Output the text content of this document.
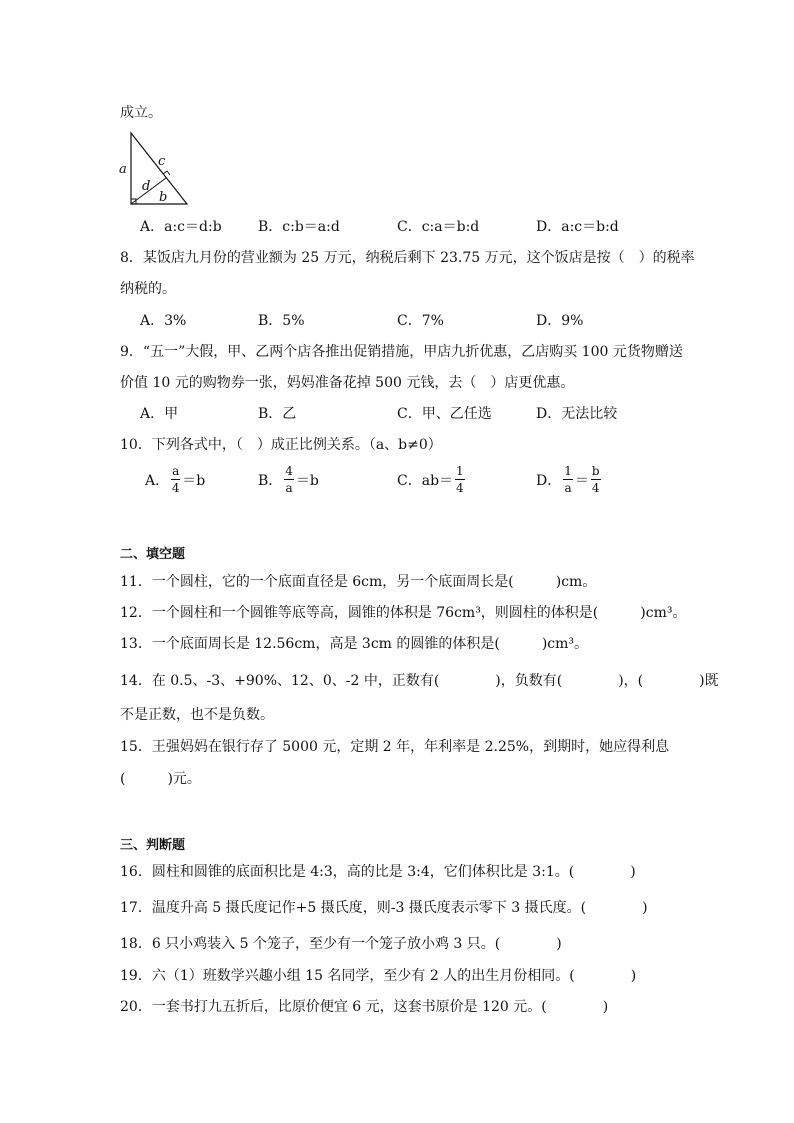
成立。
a
c
d
b
A．a:c＝d:b	B．c:b＝a:d	C．c:a＝b:d	D．a:c＝b:d
8．某饭店九月份的营业额为 25 万元，纳税后剩下 23.75 万元，这个饭店是按（　）的税率
纳税的。
A．3%	B．5%	C．7%	D．9%
9．“五一”大假，甲、乙两个店各推出促销措施，甲店九折优惠，乙店购买 100 元货物赠送
价值 10 元的购物券一张，妈妈准备花掉 500 元钱，去（　）店更优惠。
A．甲	B．乙	C．甲、乙任选	D．无法比较
10．下列各式中，（　）成正比例关系。（a、b≠0）
A． $\frac{a}{4} =b$	B． $\frac{4}{a} =b$	C． $ab= \frac{1}{4}$	D． $\frac{1}{a} = \frac{b}{4}$
二、填空题
11．一个圆柱，它的一个底面直径是 6cm，另一个底面周长是(　　　)cm。
12．一个圆柱和一个圆锥等底等高，圆锥的体积是 76cm³，则圆柱的体积是(　　　)cm³。
13．一个底面周长是 12.56cm，高是 3cm 的圆锥的体积是(　　　)cm³。
14．在 0.5、-3、+90%、12、0、-2 中，正数有(　　　　)，负数有(　　　　)，(　　　　)既
不是正数，也不是负数。
15．王强妈妈在银行存了 5000 元，定期 2 年，年利率是 2.25%，到期时，她应得利息
(　　　)元。
三、判断题
16．圆柱和圆锥的底面积比是 4:3，高的比是 3:4，它们体积比是 3:1。(　　　　)
17．温度升高 5 摄氏度记作+5 摄氏度，则-3 摄氏度表示零下 3 摄氏度。(　　　　)
18．6 只小鸡装入 5 个笼子，至少有一个笼子放小鸡 3 只。(　　　　)
19．六（1）班数学兴趣小组 15 名同学，至少有 2 人的出生月份相同。(　　　　)
20．一套书打九五折后，比原价便宜 6 元，这套书原价是 120 元。(　　　　)
